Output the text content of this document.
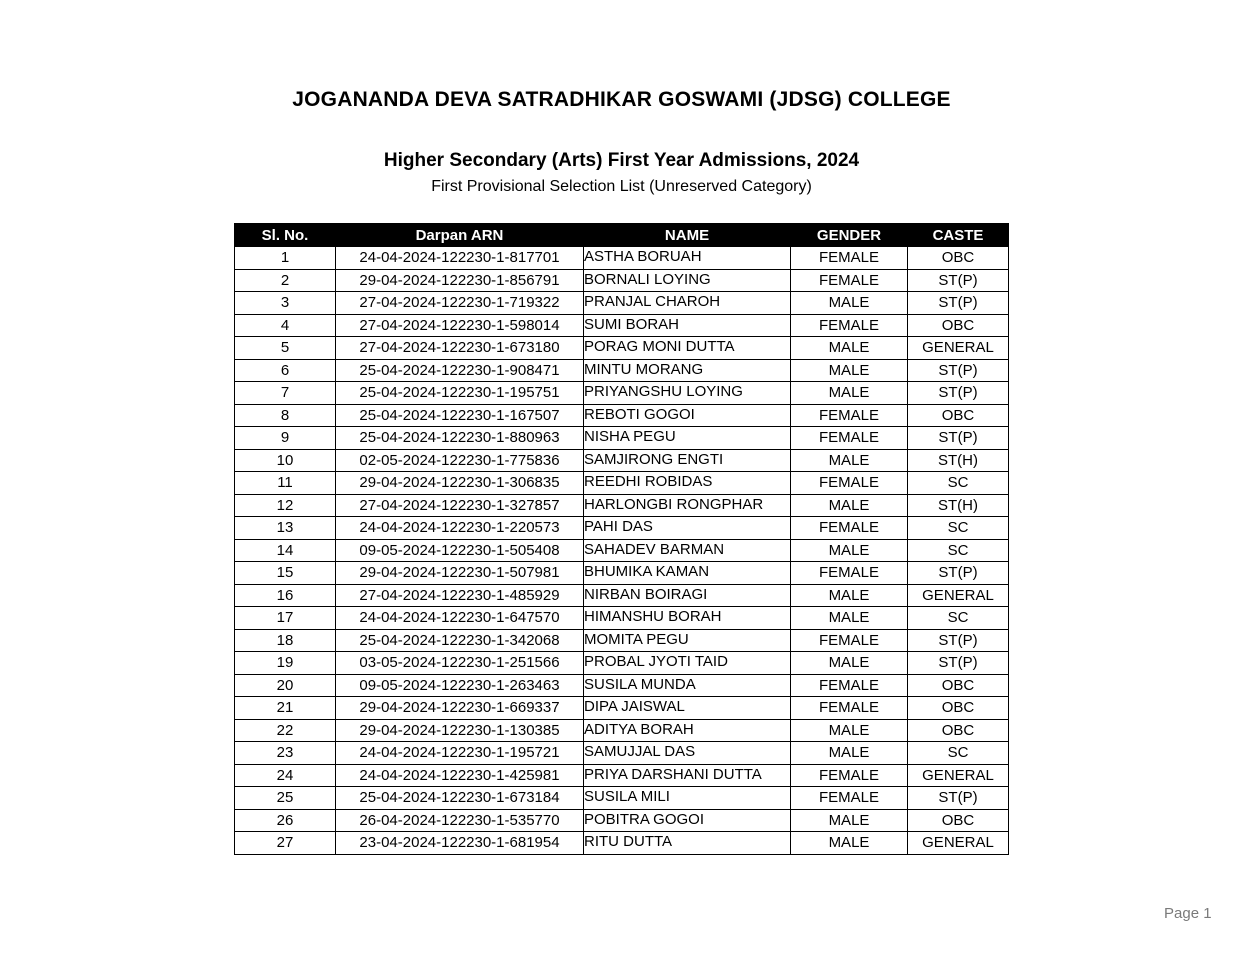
JOGANANDA DEVA SATRADHIKAR GOSWAMI (JDSG) COLLEGE
Higher Secondary (Arts) First Year Admissions, 2024
First Provisional Selection List (Unreserved Category)
Sl. No.	Darpan ARN	NAME	GENDER	CASTE
1	24-04-2024-122230-1-817701	ASTHA BORUAH	FEMALE	OBC
2	29-04-2024-122230-1-856791	BORNALI LOYING	FEMALE	ST(P)
3	27-04-2024-122230-1-719322	PRANJAL CHAROH	MALE	ST(P)
4	27-04-2024-122230-1-598014	SUMI BORAH	FEMALE	OBC
5	27-04-2024-122230-1-673180	PORAG MONI DUTTA	MALE	GENERAL
6	25-04-2024-122230-1-908471	MINTU MORANG	MALE	ST(P)
7	25-04-2024-122230-1-195751	PRIYANGSHU LOYING	MALE	ST(P)
8	25-04-2024-122230-1-167507	REBOTI GOGOI	FEMALE	OBC
9	25-04-2024-122230-1-880963	NISHA PEGU	FEMALE	ST(P)
10	02-05-2024-122230-1-775836	SAMJIRONG ENGTI	MALE	ST(H)
11	29-04-2024-122230-1-306835	REEDHI ROBIDAS	FEMALE	SC
12	27-04-2024-122230-1-327857	HARLONGBI RONGPHAR	MALE	ST(H)
13	24-04-2024-122230-1-220573	PAHI DAS	FEMALE	SC
14	09-05-2024-122230-1-505408	SAHADEV BARMAN	MALE	SC
15	29-04-2024-122230-1-507981	BHUMIKA KAMAN	FEMALE	ST(P)
16	27-04-2024-122230-1-485929	NIRBAN BOIRAGI	MALE	GENERAL
17	24-04-2024-122230-1-647570	HIMANSHU BORAH	MALE	SC
18	25-04-2024-122230-1-342068	MOMITA PEGU	FEMALE	ST(P)
19	03-05-2024-122230-1-251566	PROBAL JYOTI TAID	MALE	ST(P)
20	09-05-2024-122230-1-263463	SUSILA MUNDA	FEMALE	OBC
21	29-04-2024-122230-1-669337	DIPA JAISWAL	FEMALE	OBC
22	29-04-2024-122230-1-130385	ADITYA BORAH	MALE	OBC
23	24-04-2024-122230-1-195721	SAMUJJAL DAS	MALE	SC
24	24-04-2024-122230-1-425981	PRIYA DARSHANI DUTTA	FEMALE	GENERAL
25	25-04-2024-122230-1-673184	SUSILA MILI	FEMALE	ST(P)
26	26-04-2024-122230-1-535770	POBITRA GOGOI	MALE	OBC
27	23-04-2024-122230-1-681954	RITU DUTTA	MALE	GENERAL
Page 1
